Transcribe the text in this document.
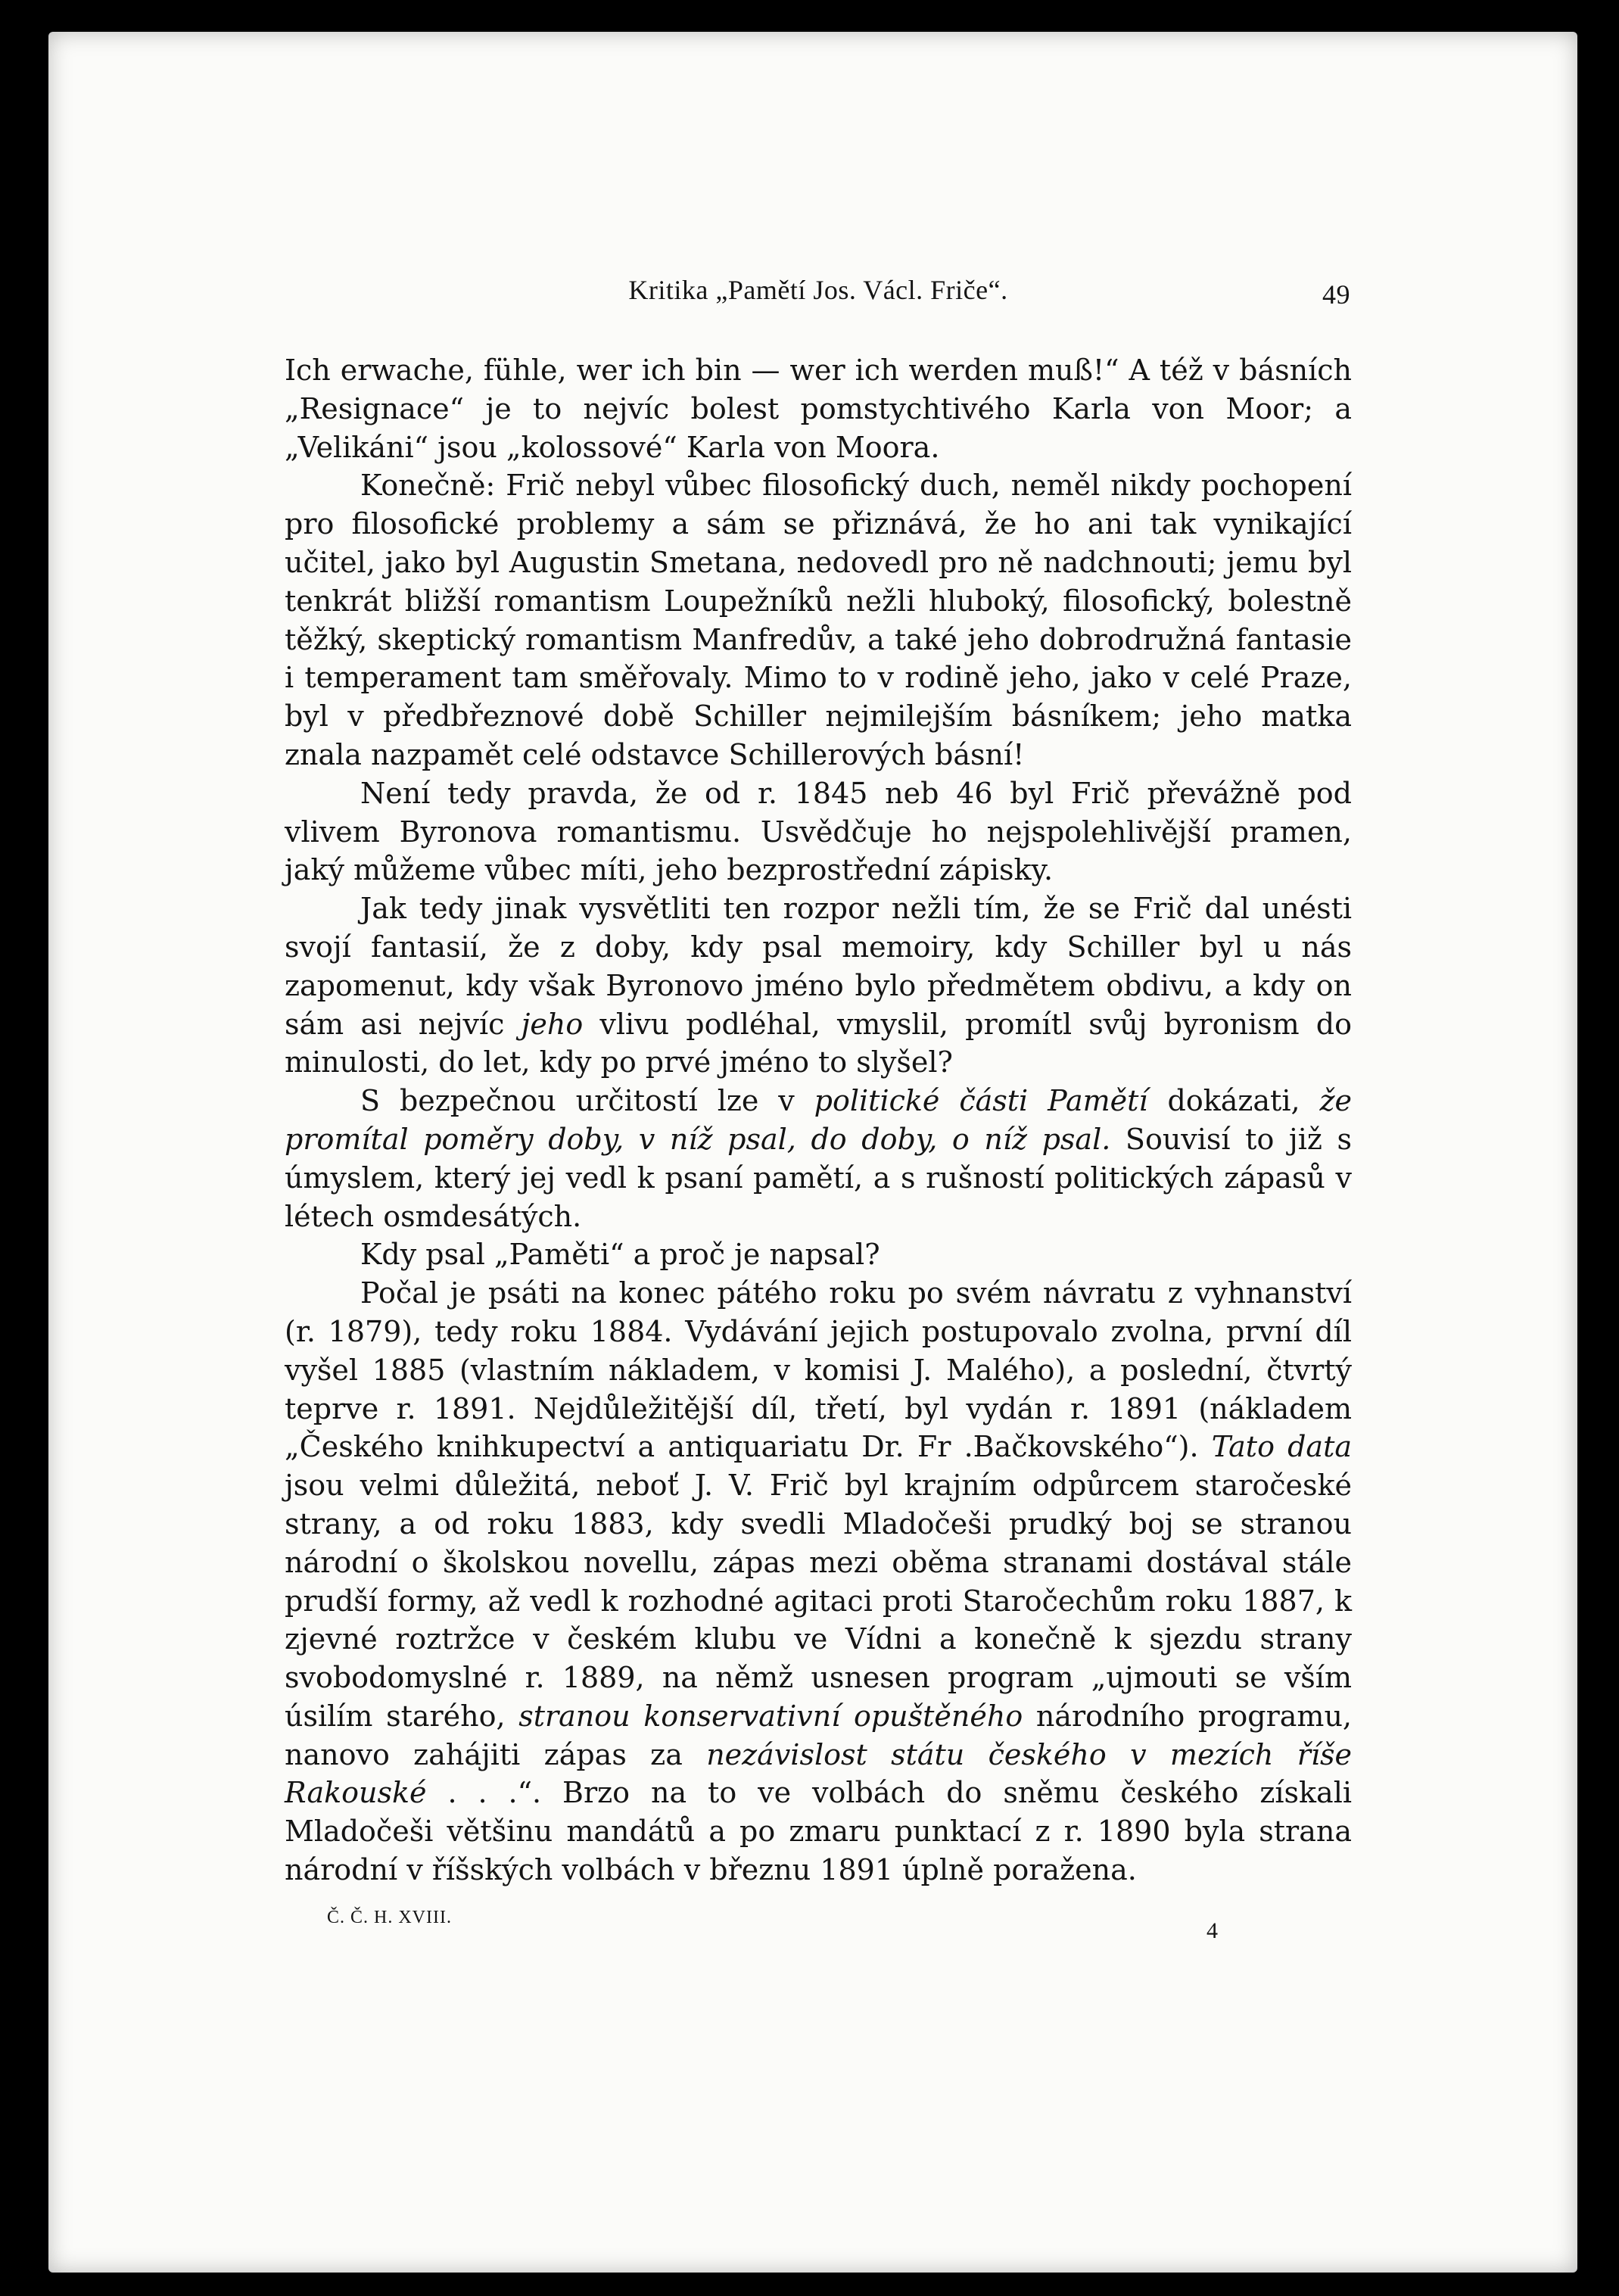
Kritika „Pamětí Jos. Václ. Friče“.	49

Ich erwache, fühle, wer ich bin — wer ich werden muß!“ A též v básních „Resignace“ je to nejvíc bolest pomstychtivého Karla von Moor; a „Velikáni“ jsou „kolossové“ Karla von Moora.

Konečně: Frič nebyl vůbec filosofický duch, neměl nikdy pochopení pro filosofické problemy a sám se přiznává, že ho ani tak vynikající učitel, jako byl Augustin Smetana, nedovedl pro ně nadchnouti; jemu byl tenkrát bližší romantism Loupežníků nežli hluboký, filosofický, bolestně těžký, skeptický romantism Manfredův, a také jeho dobrodružná fantasie i temperament tam směřovaly. Mimo to v rodině jeho, jako v celé Praze, byl v předbřeznové době Schiller nejmilejším básníkem; jeho matka znala nazpamět celé odstavce Schillerových básní!

Není tedy pravda, že od r. 1845 neb 46 byl Frič převážně pod vlivem Byronova romantismu. Usvědčuje ho nejspolehlivější pramen, jaký můžeme vůbec míti, jeho bezprostřední zápisky.

Jak tedy jinak vysvětliti ten rozpor nežli tím, že se Frič dal unésti svojí fantasií, že z doby, kdy psal memoiry, kdy Schiller byl u nás zapomenut, kdy však Byronovo jméno bylo předmětem obdivu, a kdy on sám asi nejvíc jeho vlivu podléhal, vmyslil, promítl svůj byronism do minulosti, do let, kdy po prvé jméno to slyšel?

S bezpečnou určitostí lze v politické části Pamětí dokázati, že promítal poměry doby, v níž psal, do doby, o níž psal. Souvisí to již s úmyslem, který jej vedl k psaní pamětí, a s rušností politických zápasů v létech osmdesátých.

Kdy psal „Paměti“ a proč je napsal?

Počal je psáti na konec pátého roku po svém návratu z vyhnanství (r. 1879), tedy roku 1884. Vydávání jejich postupovalo zvolna, první díl vyšel 1885 (vlastním nákladem, v komisi J. Malého), a poslední, čtvrtý teprve r. 1891. Nejdůležitější díl, třetí, byl vydán r. 1891 (nákladem „Českého knihkupectví a antiquariatu Dr. Fr .Bačkovského“). Tato data jsou velmi důležitá, neboť J. V. Frič byl krajním odpůrcem staročeské strany, a od roku 1883, kdy svedli Mladočeši prudký boj se stranou národní o školskou novellu, zápas mezi oběma stranami dostával stále prudší formy, až vedl k rozhodné agitaci proti Staročechům roku 1887, k zjevné roztržce v českém klubu ve Vídni a konečně k sjezdu strany svobodomyslné r. 1889, na němž usnesen program „ujmouti se vším úsilím starého, stranou konservativní opuštěného národního programu, nanovo zahájiti zápas za nezávislost státu českého v mezích říše Rakouské . . .“. Brzo na to ve volbách do sněmu českého získali Mladočeši většinu mandátů a po zmaru punktací z r. 1890 byla strana národní v říšských volbách v březnu 1891 úplně poražena.

Č. Č. H. XVIII.
4
